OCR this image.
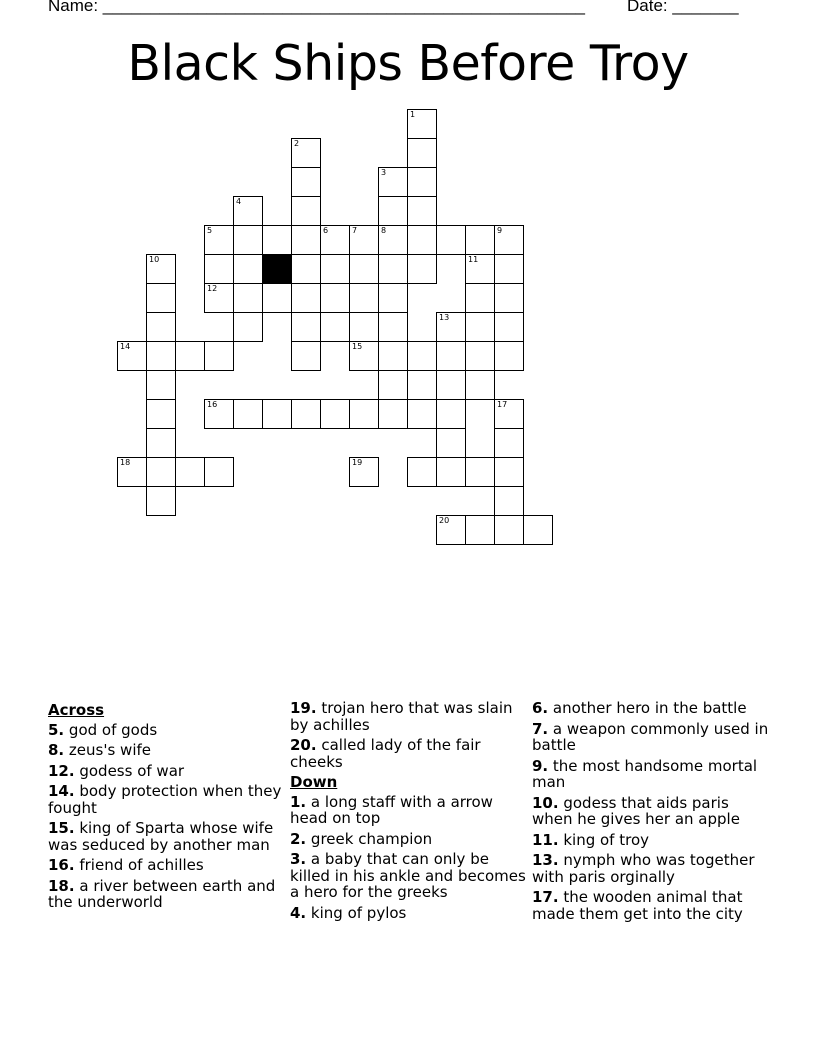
Name: ___________________________________________________ Date: _______
Black Ships Before Troy
1
2
3
8
4
5	6	7	9
10	11
12
13
14	15
16	17
18	19
20
Across
5. god of gods
8. zeus's wife
12. godess of war
14. body protection when they fought
15. king of Sparta whose wife was seduced by another man
16. friend of achilles
18. a river between earth and the underworld
19. trojan hero that was slain by achilles
20. called lady of the fair cheeks
Down
1. a long staff with a arrow head on top
2. greek champion
3. a baby that can only be killed in his ankle and becomes a hero for the greeks
4. king of pylos
6. another hero in the battle
7. a weapon commonly used in battle
9. the most handsome mortal man
10. godess that aids paris when he gives her an apple
11. king of troy
13. nymph who was together with paris orginally
17. the wooden animal that made them get into the city
